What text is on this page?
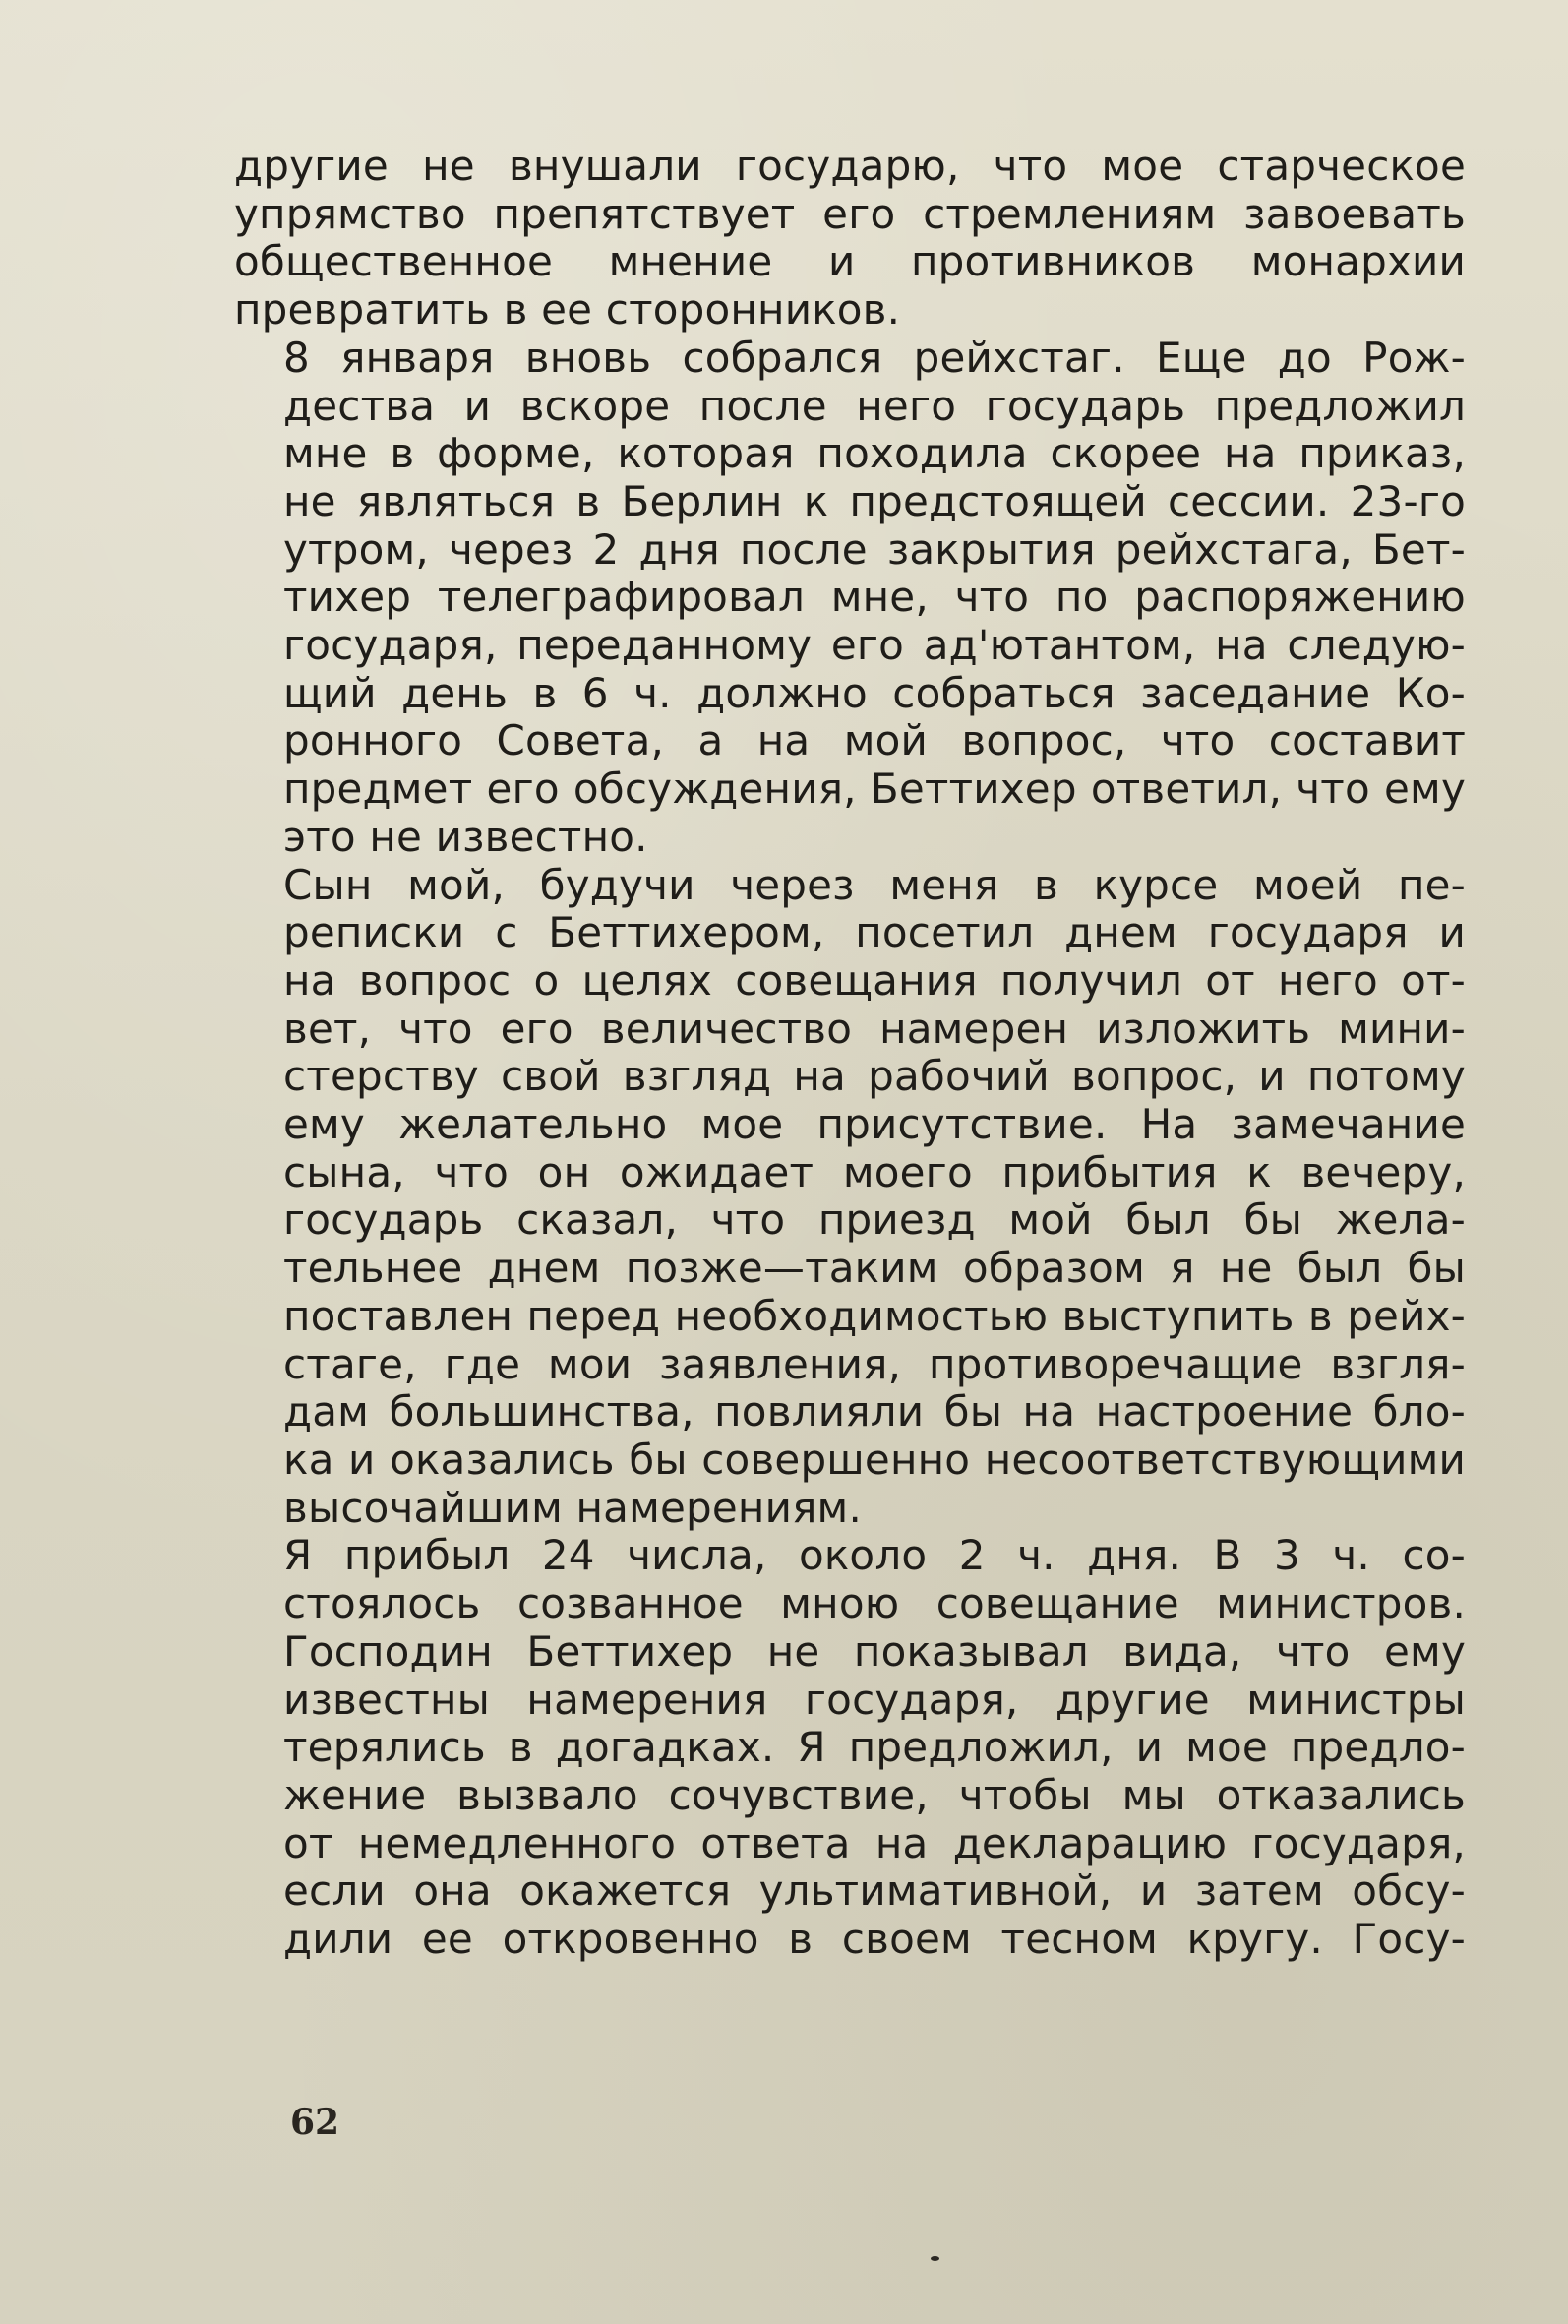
другие не внушали государю, что мое старческое
упрямство препятствует его стремлениям завоевать
общественное мнение и противников монархии
превратить в ее сторонников.

8 января вновь собрался рейхстаг. Еще до Рож-
дества и вскоре после него государь предложил
мне в форме, которая походила скорее на приказ,
не являться в Берлин к предстоящей сессии. 23-го
утром, через 2 дня после закрытия рейхстага, Бет-
тихер телеграфировал мне, что по распоряжению
государя, переданному его ад'ютантом, на следую-
щий день в 6 ч. должно собраться заседание Ко-
ронного Совета, а на мой вопрос, что составит
предмет его обсуждения, Беттихер ответил, что ему
это не известно.

Сын мой, будучи через меня в курсе моей пе-
реписки с Беттихером, посетил днем государя и
на вопрос о целях совещания получил от него от-
вет, что его величество намерен изложить мини-
стерству свой взгляд на рабочий вопрос, и потому
ему желательно мое присутствие. На замечание
сына, что он ожидает моего прибытия к вечеру,
государь сказал, что приезд мой был бы жела-
тельнее днем позже—таким образом я не был бы
поставлен перед необходимостью выступить в рейх-
стаге, где мои заявления, противоречащие взгля-
дам большинства, повлияли бы на настроение бло-
ка и оказались бы совершенно несоответствующими
высочайшим намерениям.

Я прибыл 24 числа, около 2 ч. дня. В 3 ч. со-
стоялось созванное мною совещание министров.
Господин Беттихер не показывал вида, что ему
известны намерения государя, другие министры
терялись в догадках. Я предложил, и мое предло-
жение вызвало сочувствие, чтобы мы отказались
от немедленного ответа на декларацию государя,
если она окажется ультимативной, и затем обсу-
дили ее откровенно в своем тесном кругу. Госу-

62
